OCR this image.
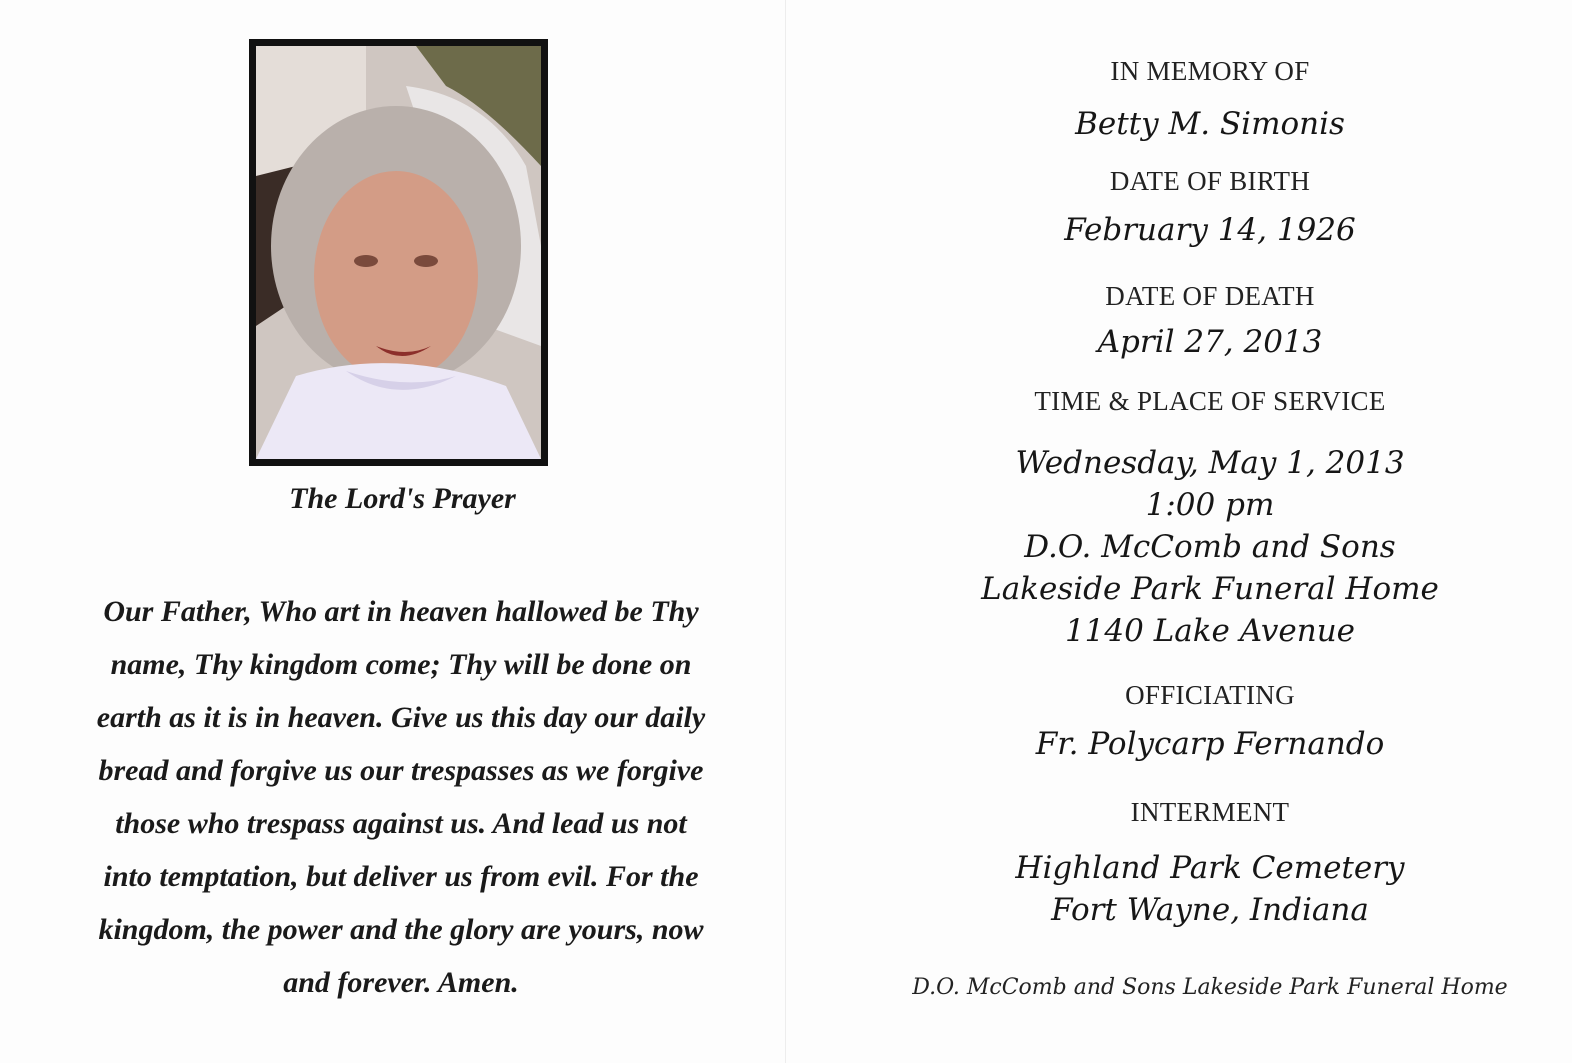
The Lord's Prayer

Our Father, Who art in heaven hallowed be Thy
name, Thy kingdom come; Thy will be done on
earth as it is in heaven. Give us this day our daily
bread and forgive us our trespasses as we forgive
those who trespass against us. And lead us not
into temptation, but deliver us from evil. For the
kingdom, the power and the glory are yours, now
and forever. Amen.

IN MEMORY OF
Betty M. Simonis
DATE OF BIRTH
February 14, 1926
DATE OF DEATH
April 27, 2013
TIME & PLACE OF SERVICE
Wednesday, May 1, 2013
1:00 pm
D.O. McComb and Sons
Lakeside Park Funeral Home
1140 Lake Avenue
OFFICIATING
Fr. Polycarp Fernando
INTERMENT
Highland Park Cemetery
Fort Wayne, Indiana
D.O. McComb and Sons Lakeside Park Funeral Home
